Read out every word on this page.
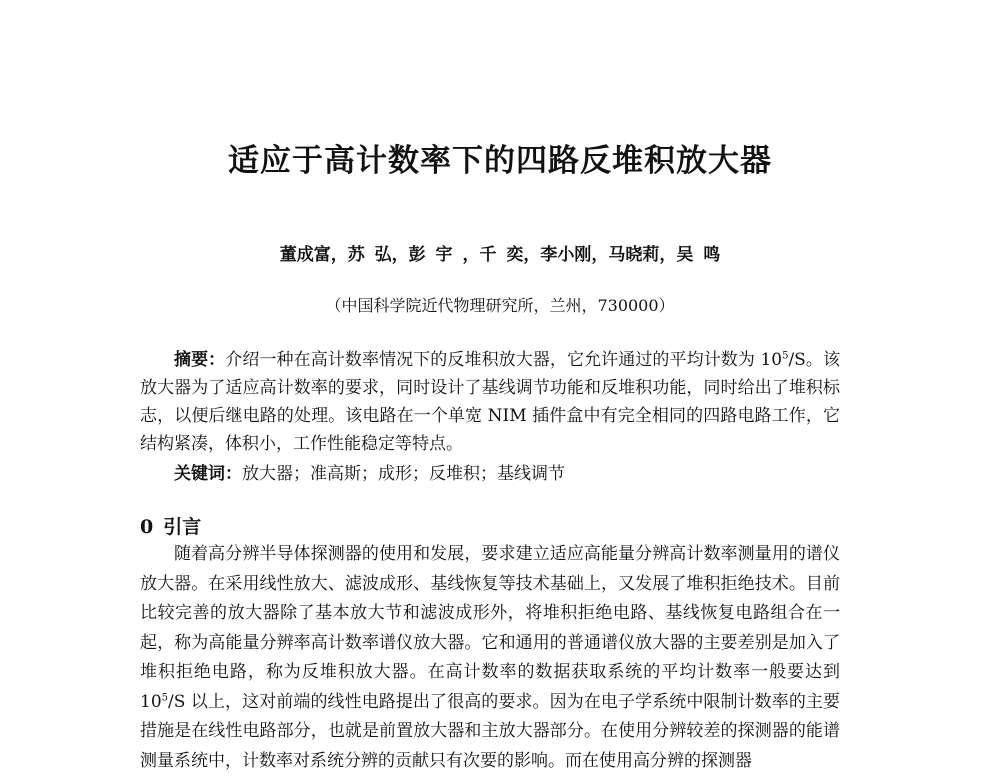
适应于高计数率下的四路反堆积放大器
董成富，苏 弘，彭 宇 ，千 奕，李小刚，马晓莉，吴 鸣
（中国科学院近代物理研究所，兰州，730000）
摘要：介绍一种在高计数率情况下的反堆积放大器，它允许通过的平均计数为 $10^5/S$。该放大器为了适应高计数率的要求，同时设计了基线调节功能和反堆积功能，同时给出了堆积标志，以便后继电路的处理。该电路在一个单宽 NIM 插件盒中有完全相同的四路电路工作，它结构紧凑，体积小，工作性能稳定等特点。
关键词：放大器；准高斯；成形；反堆积；基线调节
0 引言
随着高分辨半导体探测器的使用和发展，要求建立适应高能量分辨高计数率测量用的谱仪放大器。在采用线性放大、滤波成形、基线恢复等技术基础上，又发展了堆积拒绝技术。目前比较完善的放大器除了基本放大节和滤波成形外，将堆积拒绝电路、基线恢复电路组合在一起，称为高能量分辨率高计数率谱仪放大器。它和通用的普通谱仪放大器的主要差别是加入了堆积拒绝电路，称为反堆积放大器。在高计数率的数据获取系统的平均计数率一般要达到 $10^5/S$ 以上，这对前端的线性电路提出了很高的要求。因为在电子学系统中限制计数率的主要措施是在线性电路部分，也就是前置放大器和主放大器部分。在使用分辨较差的探测器的能谱测量系统中，计数率对系统分辨的贡献只有次要的影响。而在使用高分辨的探测器
